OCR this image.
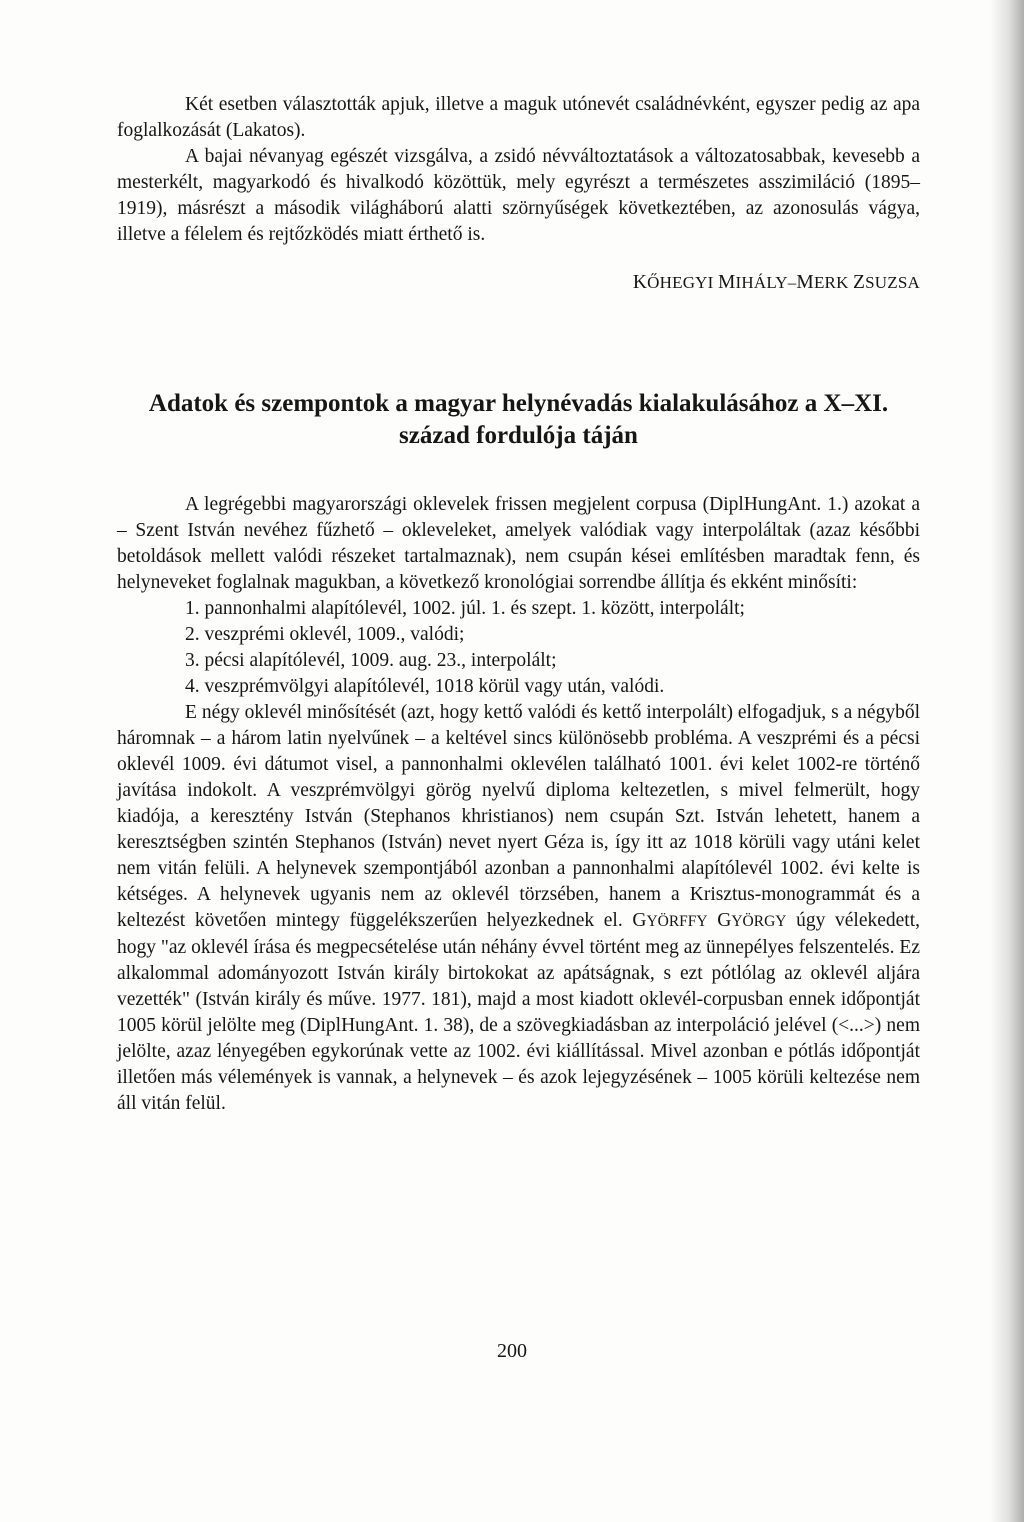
Két esetben választották apjuk, illetve a maguk utónevét családnévként, egyszer pedig az apa foglalkozását (Lakatos).

A bajai névanyag egészét vizsgálva, a zsidó névváltoztatások a változatosabbak, kevesebb a mesterkélt, magyarkodó és hivalkodó közöttük, mely egyrészt a természetes asszimiláció (1895–1919), másrészt a második világháború alatti szörnyűségek következtében, az azonosulás vágya, illetve a félelem és rejtőzködés miatt érthető is.

KŐHEGYI MIHÁLY–MERK ZSUZSA

Adatok és szempontok a magyar helynévadás kialakulásához a X–XI.
század fordulója táján

A legrégebbi magyarországi oklevelek frissen megjelent corpusa (DiplHungAnt. 1.) azokat a – Szent István nevéhez fűzhető – okleveleket, amelyek valódiak vagy interpoláltak (azaz későbbi betoldások mellett valódi részeket tartalmaznak), nem csupán kései említésben maradtak fenn, és helyneveket foglalnak magukban, a következő kronológiai sorrendbe állítja és ekként minősíti:

1. pannonhalmi alapítólevél, 1002. júl. 1. és szept. 1. között, interpolált;

2. veszprémi oklevél, 1009., valódi;

3. pécsi alapítólevél, 1009. aug. 23., interpolált;

4. veszprémvölgyi alapítólevél, 1018 körül vagy után, valódi.

E négy oklevél minősítését (azt, hogy kettő valódi és kettő interpolált) elfogadjuk, s a négyből háromnak – a három latin nyelvűnek – a keltével sincs különösebb probléma. A veszprémi és a pécsi oklevél 1009. évi dátumot visel, a pannonhalmi oklevélen található 1001. évi kelet 1002-re történő javítása indokolt. A veszprémvölgyi görög nyelvű diploma keltezetlen, s mivel felmerült, hogy kiadója, a keresztény István (Stephanos khristianos) nem csupán Szt. István lehetett, hanem a keresztségben szintén Stephanos (István) nevet nyert Géza is, így itt az 1018 körüli vagy utáni kelet nem vitán felüli. A helynevek szempontjából azonban a pannonhalmi alapítólevél 1002. évi kelte is kétséges. A helynevek ugyanis nem az oklevél törzsében, hanem a Krisztus-monogrammát és a keltezést követően mintegy függelékszerűen helyezkednek el. GYÖRFFY GYÖRGY úgy vélekedett, hogy "az oklevél írása és megpecsételése után néhány évvel történt meg az ünnepélyes felszentelés. Ez alkalommal adományozott István király birtokokat az apátságnak, s ezt pótlólag az oklevél aljára vezették" (István király és műve. 1977. 181), majd a most kiadott oklevél-corpusban ennek időpontját 1005 körül jelölte meg (DiplHungAnt. 1. 38), de a szövegkiadásban az interpoláció jelével (<...>) nem jelölte, azaz lényegében egykorúnak vette az 1002. évi kiállítással. Mivel azonban e pótlás időpontját illetően más vélemények is vannak, a helynevek – és azok lejegyzésének – 1005 körüli keltezése nem áll vitán felül.

200
